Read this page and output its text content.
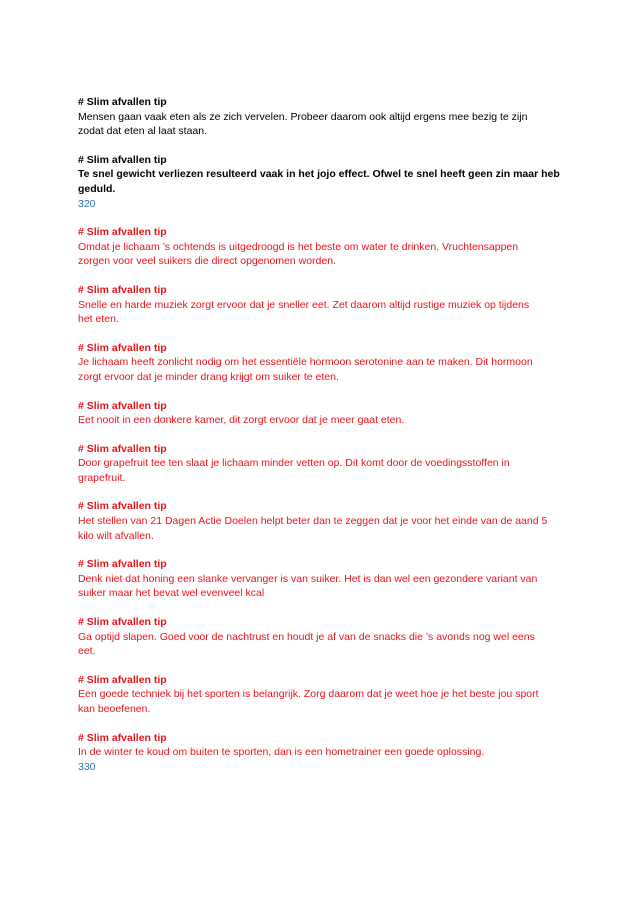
# Slim afvallen tip
Mensen gaan vaak eten als ze zich vervelen. Probeer daarom ook altijd ergens mee bezig te zijn
zodat dat eten al laat staan.
# Slim afvallen tip
Te snel gewicht verliezen resulteerd vaak in het jojo effect. Ofwel te snel heeft geen zin maar heb
geduld.
320
# Slim afvallen tip
Omdat je lichaam ’s ochtends is uitgedroogd is het beste om water te drinken. Vruchtensappen
zorgen voor veel suikers die direct opgenomen worden.
# Slim afvallen tip
Snelle en harde muziek zorgt ervoor dat je sneller eet. Zet daarom altijd rustige muziek op tijdens
het eten.
# Slim afvallen tip
Je lichaam heeft zonlicht nodig om het essentiële hormoon serotonine aan te maken. Dit hormoon
zorgt ervoor dat je minder drang krijgt om suiker te eten.
# Slim afvallen tip
Eet nooit in een donkere kamer, dit zorgt ervoor dat je meer gaat eten.
# Slim afvallen tip
Door grapefruit tee ten slaat je lichaam minder vetten op. Dit komt door de voedingsstoffen in
grapefruit.
# Slim afvallen tip
Het stellen van 21 Dagen Actie Doelen helpt beter dan te zeggen dat je voor het einde van de aand 5
kilo wilt afvallen.
# Slim afvallen tip
Denk niet dat honing een slanke vervanger is van suiker. Het is dan wel een gezondere variant van
suiker maar het bevat wel evenveel kcal
# Slim afvallen tip
Ga optijd slapen. Goed voor de nachtrust en houdt je af van de snacks die ’s avonds nog wel eens
eet.
# Slim afvallen tip
Een goede techniek bij het sporten is belangrijk. Zorg daarom dat je weet hoe je het beste jou sport
kan beoefenen.
# Slim afvallen tip
In de winter te koud om buiten te sporten, dan is een hometrainer een goede oplossing.
330
